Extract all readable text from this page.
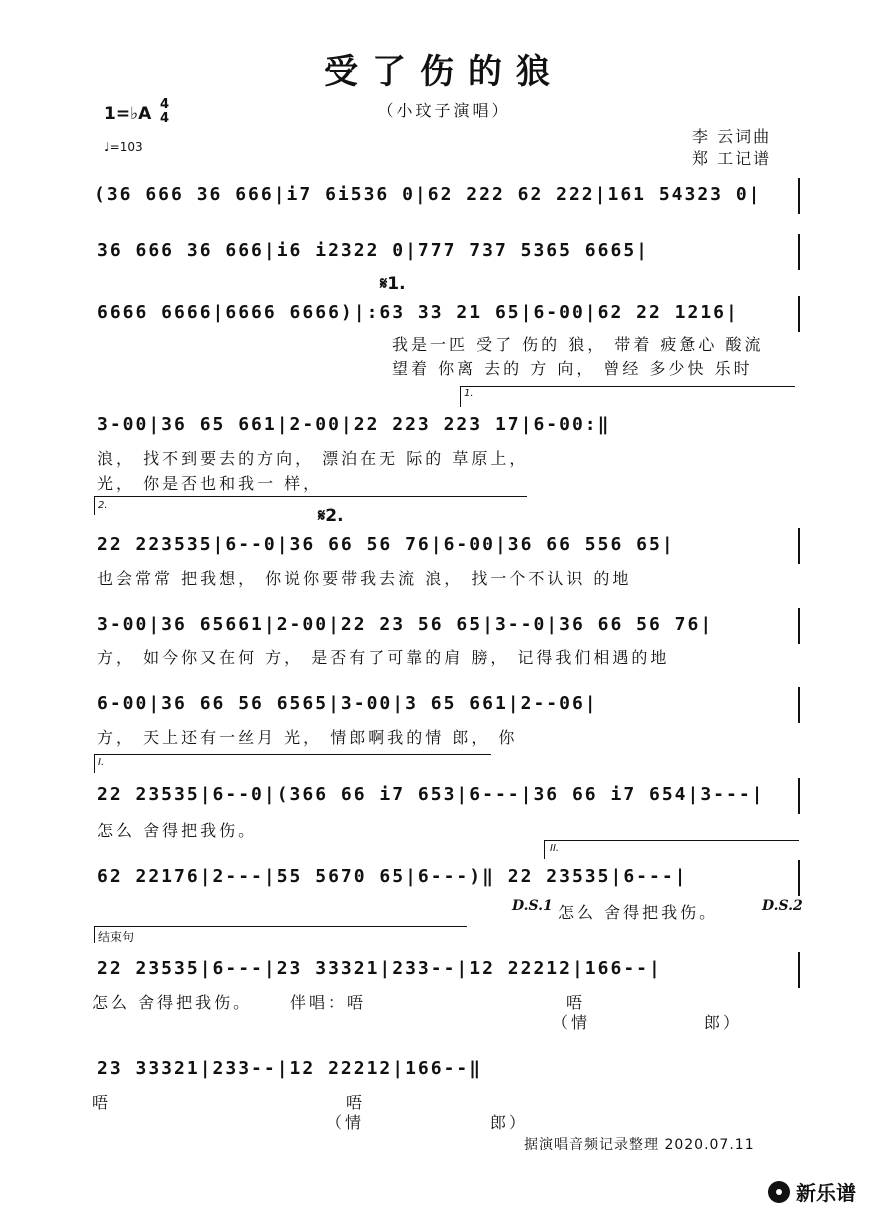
受了伤的狼
（小玟子演唱）
1=♭A 4
4
♩=103
李 云词曲
郑 工记谱
(36 666 36 666|i7 6i536 0|62 222 62 222|161 54323 0|
36 666 36 666|i6 i2322 0|777 737 5365 6665|
𝄋1.
6666 6666|6666 6666)|:63 33 21 65|6-00|62 22 1216|
我是一匹 受了 伤的 狼， 带着 疲惫心 酸流
望着 你离 去的 方 向， 曾经 多少快 乐时
1.
3-00|36 65 661|2-00|22 223 223 17|6-00:‖
浪， 找不到要去的方向， 漂泊在无 际的 草原上，
光， 你是否也和我一 样，
2.
𝄋2.
22 223535|6--0|36 66 56 76|6-00|36 66 556 65|
也会常常 把我想， 你说你要带我去流 浪， 找一个不认识 的地
3-00|36 65661|2-00|22 23 56 65|3--0|36 66 56 76|
方， 如今你又在何 方， 是否有了可靠的肩 膀， 记得我们相遇的地
6-00|36 66 56 6565|3-00|3 65 661|2--06|
方， 天上还有一丝月 光， 情郎啊我的情 郎， 你
I.
22 23535|6--0|(366 66 i7 653|6---|36 66 i7 654|3---|
怎么 舍得把我伤。
II.
62 22176|2---|55 5670 65|6---)‖ 22 23535|6---|
D.S.1 怎么 舍得把我伤。	D.S.2
结束句
22 23535|6---|23 33321|233--|12 22212|166--|
怎么 舍得把我伤。 伴唱：唔	唔
（情	郎）
23 33321|233--|12 22212|166--‖
唔	唔
（情	郎）
据演唱音频记录整理 2020.07.11
新乐谱
